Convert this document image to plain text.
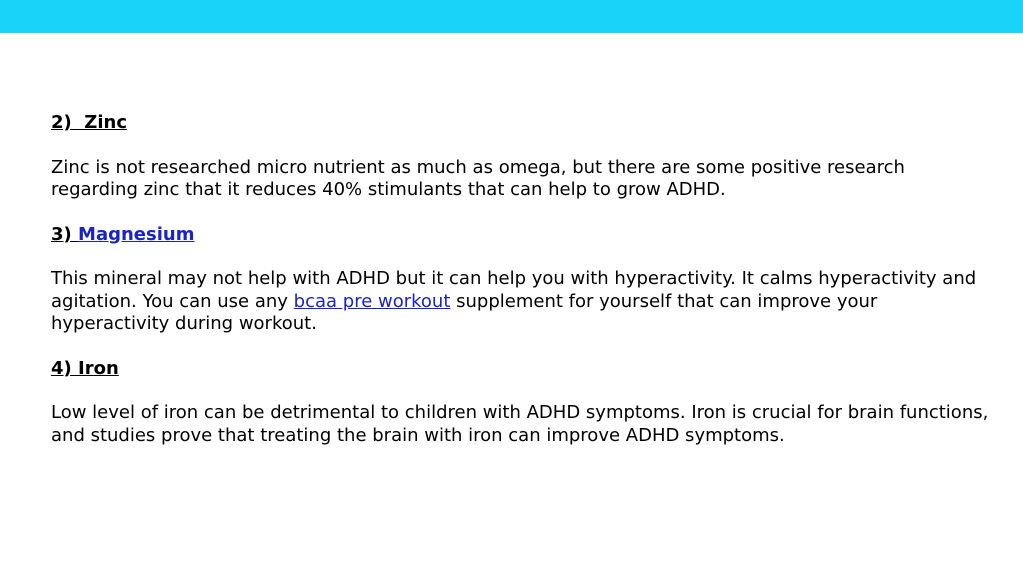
2)  Zinc

Zinc is not researched micro nutrient as much as omega, but there are some positive research regarding zinc that it reduces 40% stimulants that can help to grow ADHD.

3) Magnesium

This mineral may not help with ADHD but it can help you with hyperactivity. It calms hyperactivity and agitation. You can use any bcaa pre workout supplement for yourself that can improve your hyperactivity during workout.

4) Iron

Low level of iron can be detrimental to children with ADHD symptoms. Iron is crucial for brain functions, and studies prove that treating the brain with iron can improve ADHD symptoms.
